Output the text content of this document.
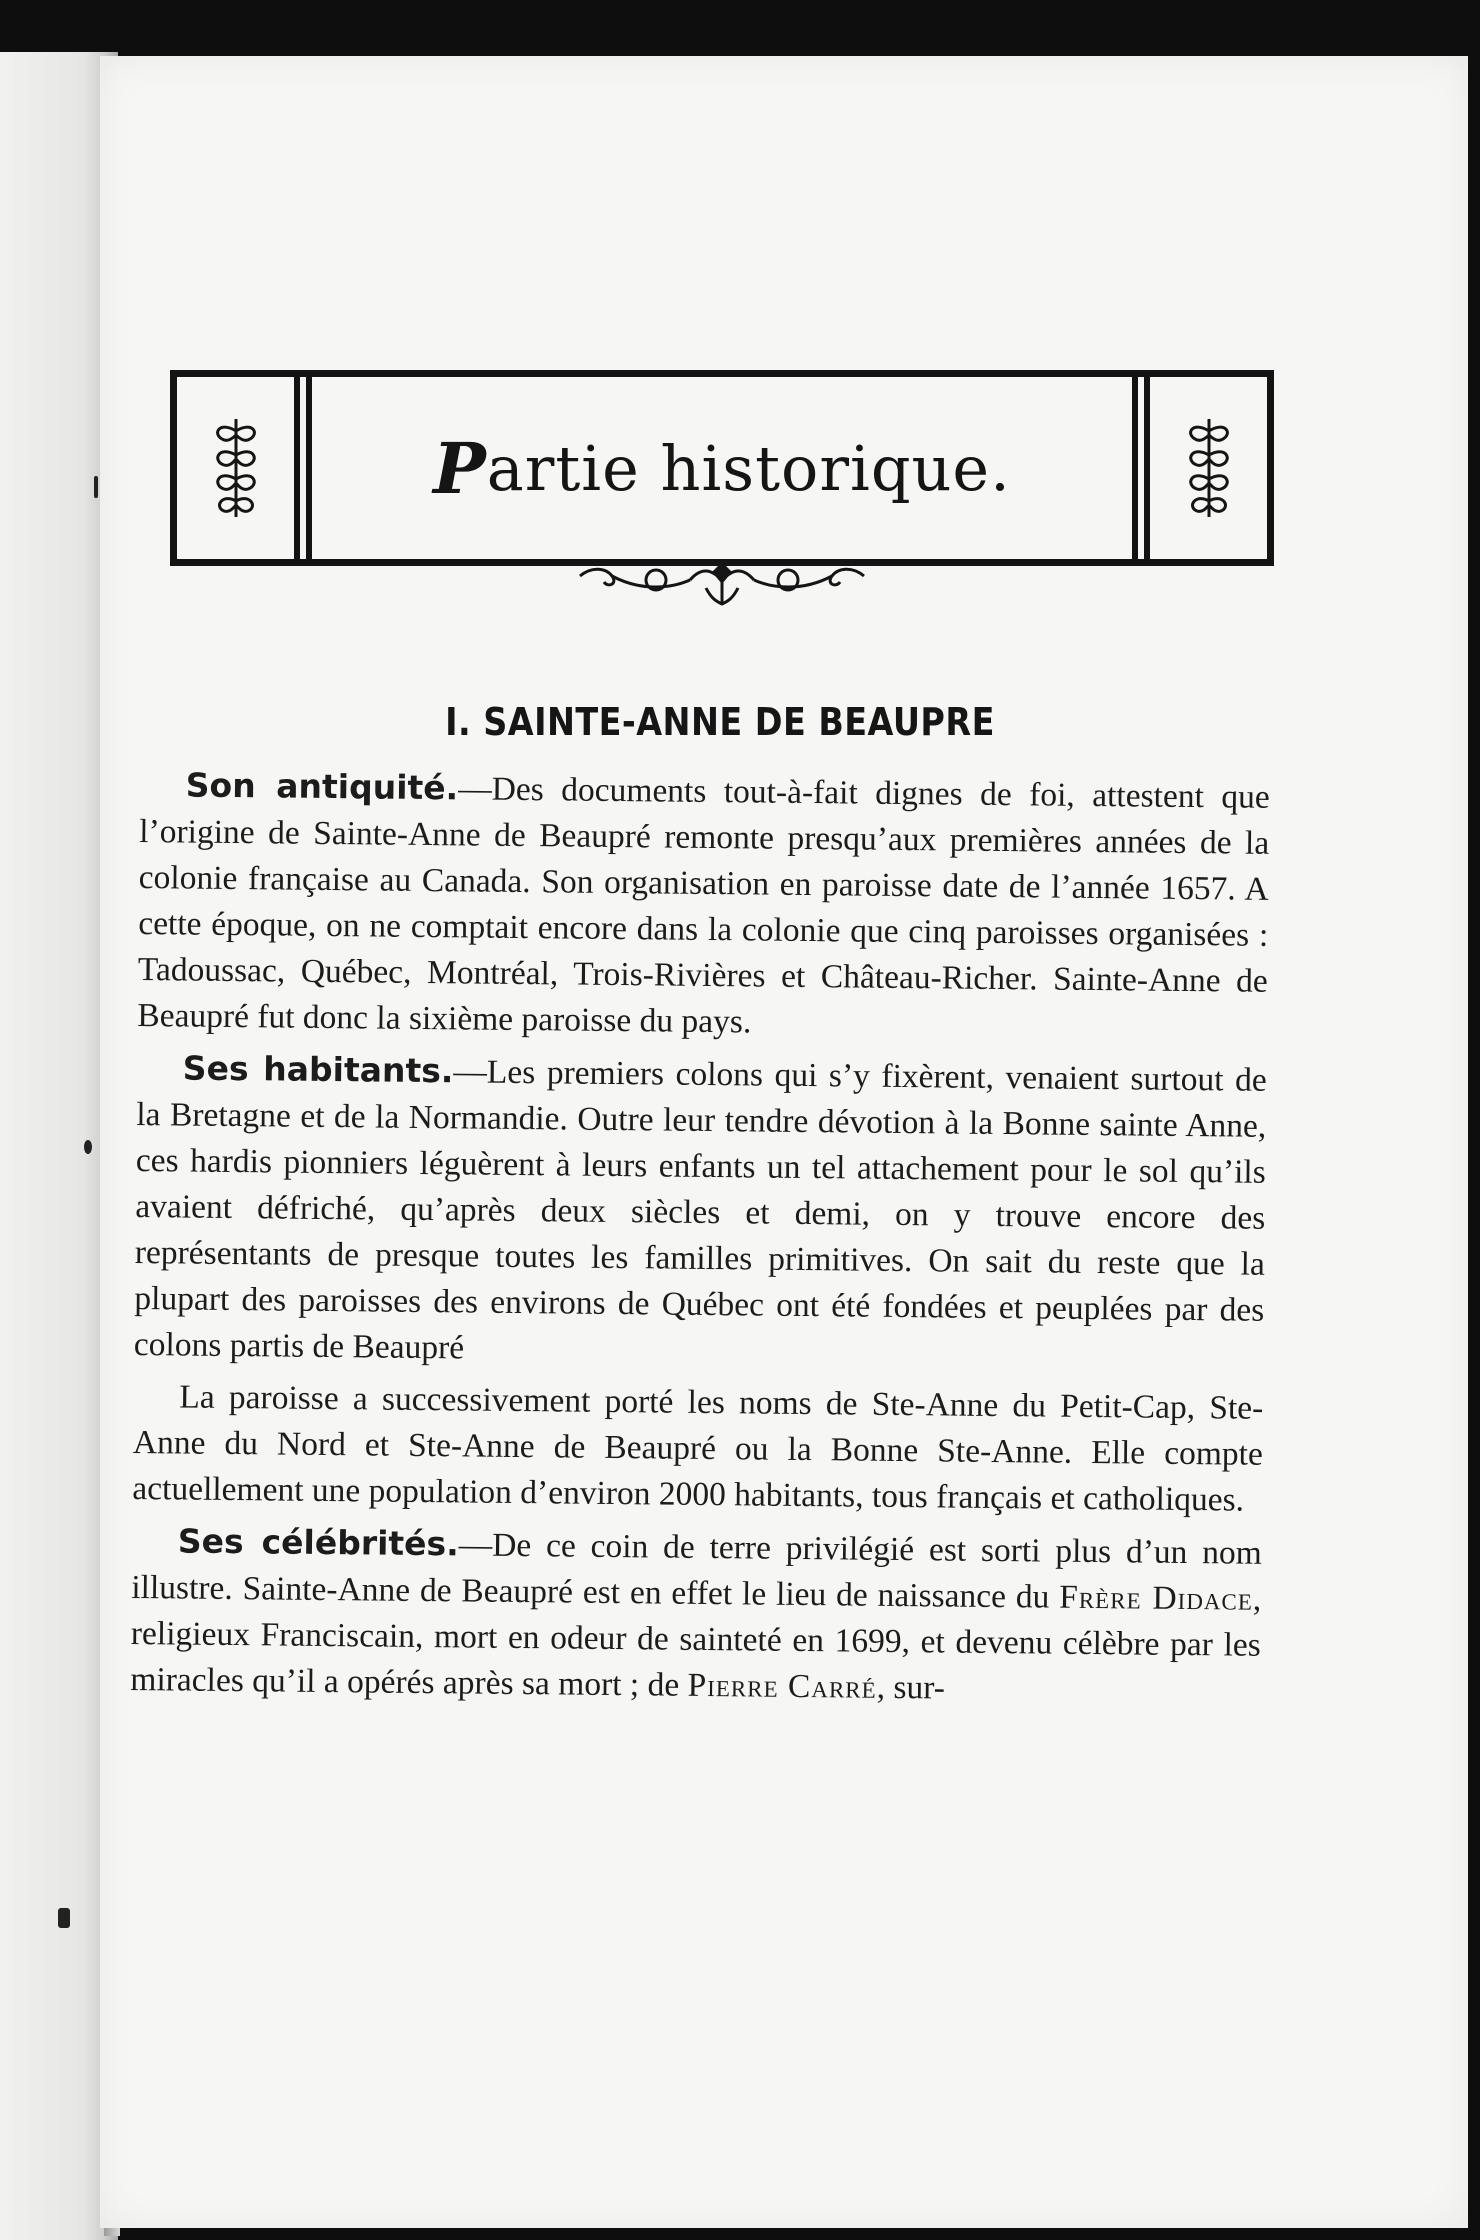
P artie historique.
I. SAINTE-ANNE DE BEAUPRE

Son antiquité.—Des documents tout-à-fait dignes de foi, attestent que l’origine de Sainte-Anne de Beaupré remonte presqu’aux premières années de la colonie française au Canada. Son organisation en paroisse date de l’année 1657. A cette époque, on ne comptait encore dans la colonie que cinq paroisses organisées : Tadoussac, Québec, Montréal, Trois-Rivières et Château-Richer. Sainte-Anne de Beaupré fut donc la sixième paroisse du pays.

Ses habitants.—Les premiers colons qui s’y fixèrent, venaient surtout de la Bretagne et de la Normandie. Outre leur tendre dévotion à la Bonne sainte Anne, ces hardis pionniers léguèrent à leurs enfants un tel attachement pour le sol qu’ils avaient défriché, qu’après deux siècles et demi, on y trouve encore des représentants de presque toutes les familles primitives. On sait du reste que la plupart des paroisses des environs de Québec ont été fondées et peuplées par des colons partis de Beaupré

La paroisse a successivement porté les noms de Ste-Anne du Petit-Cap, Ste-Anne du Nord et Ste-Anne de Beaupré ou la Bonne Ste-Anne. Elle compte actuellement une population d’environ 2000 habitants, tous français et catholiques.

Ses célébrités.—De ce coin de terre privilégié est sorti plus d’un nom illustre. Sainte-Anne de Beaupré est en effet le lieu de naissance du Frère Didace, religieux Franciscain, mort en odeur de sainteté en 1699, et devenu célèbre par les miracles qu’il a opérés après sa mort ; de Pierre Carré, sur-
